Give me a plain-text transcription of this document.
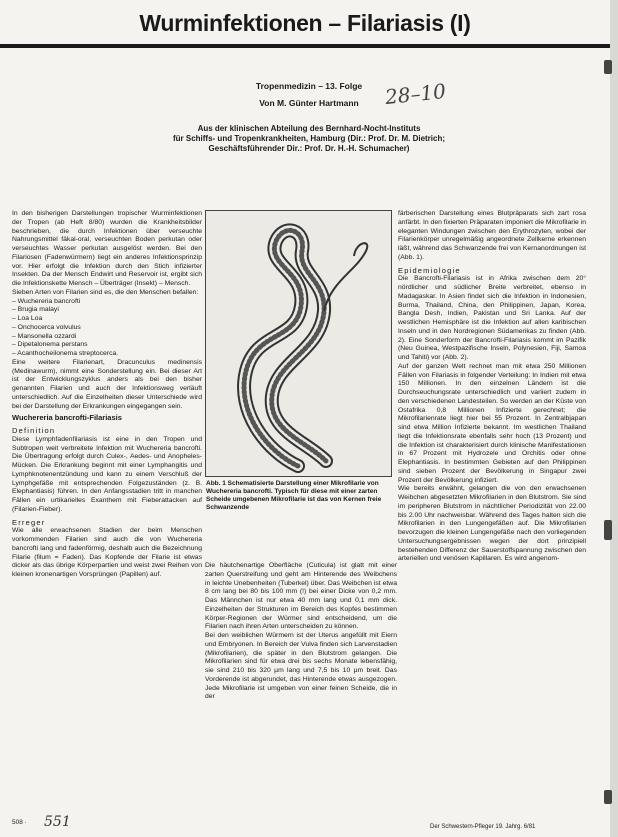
Wurminfektionen – Filariasis (I)
Tropenmedizin – 13. Folge	28–10
Von M. Günter Hartmann
Aus der klinischen Abteilung des Bernhard-Nocht-Instituts
für Schiffs- und Tropenkrankheiten, Hamburg (Dir.: Prof. Dr. M. Dietrich;
Geschäftsführender Dir.: Prof. Dr. H.-H. Schumacher)

In den bisherigen Darstellungen tropischer Wurminfektionen der Tropen (ab Heft 8/80) wurden die Krankheitsbilder beschrieben, die durch Infektionen über verseuchte Nahrungsmittel fäkal-oral, verseuchten Boden perkutan oder verseuchtes Wasser perkutan ausgelöst werden. Bei den Filariosen (Fadenwürmern) liegt ein anderes Infektionsprinzip vor. Hier erfolgt die Infektion durch den Stich infizierter Insekten. Da der Mensch Endwirt und Reservoir ist, ergibt sich die Infektionskette Mensch – Überträger (Insekt) – Mensch.

Sieben Arten von Filarien sind es, die den Menschen befallen:

– Wuchereria bancrofti

– Brugia malayi

– Loa Loa

– Onchocerca volvulus

– Mansonella ozzardi

– Dipetalonema perstans

– Acanthocheilonema streptocerca.

Eine weitere Filarienart, Dracunculus medinensis (Medinawurm), nimmt eine Sonderstellung ein. Bei dieser Art ist der Entwicklungszyklus anders als bei den bisher genannten Filarien und auch der Infektionsweg verläuft unterschiedlich. Auf die Einzelheiten dieser Unterschiede wird bei der Darstellung der Erkrankungen eingegangen sein.

Wuchereria bancrofti-Filariasis

Definition

Diese Lymphfadenfilariasis ist eine in den Tropen und Subtropen weit verbreitete Infektion mit Wuchereria bancrofti. Die Übertragung erfolgt durch Culex-, Aedes- und Anopheles-Mücken. Die Erkrankung beginnt mit einer Lymphangitis und Lymphknotenentzündung und kann zu einem Verschluß der Lymphgefäße mit entsprechenden Folgezuständen (z. B. Elephantiasis) führen. In den Anfangsstadien tritt in manchen Fällen ein urtikarielles Exanthem mit Fieberattacken auf (Filarien-Fieber).

Erreger

Wie alle erwachsenen Stadien der beim Menschen vorkommenden Filarien sind auch die von Wuchereria bancrofti lang und fadenförmig, deshalb auch die Bezeichnung Filarie (filum = Faden). Das Kopfende der Filarie ist etwas dicker als das übrige Körperpartien und weist zwei Reihen von kleinen kronenartigen Vorsprüngen (Papillen) auf.

Abb. 1 Schematisierte Darstellung einer Mikrofilarie von Wuchereria bancrofti. Typisch für diese mit einer zarten Scheide umgebenen Mikrofilarie ist das von Kernen freie Schwanzende

Die häutchenartige Oberfläche (Cuticula) ist glatt mit einer zarten Querstreifung und geht am Hinterende des Weibchens in leichte Unebenheiten (Tuberkel) über. Das Weibchen ist etwa 8 cm lang bei 80 bis 100 mm (!) bei einer Dicke von 0,2 mm. Das Männchen ist nur etwa 40 mm lang und 0,1 mm dick. Einzelheiten der Strukturen im Bereich des Kopfes bestimmen Körper-Regionen der Würmer sind entscheidend, um die Filarien nach ihren Arten unterscheiden zu können.

Bei den weiblichen Würmern ist der Uterus angefüllt mit Eiern und Embryonen. In Bereich der Vulva finden sich Larvenstadien (Mikrofilarien), die später in den Blutstrom gelangen. Die Mikrofilarien sind für etwa drei bis sechs Monate lebensfähig, sie sind 210 bis 320 µm lang und 7,5 bis 10 µm breit. Das Vorderende ist abgerundet, das Hinterende etwas ausgezogen. Jede Mikrofilarie ist umgeben von einer feinen Scheide, die in der

färberischen Darstellung eines Blutpräparats sich zart rosa anfärbt. In den fixierten Präparaten imponiert die Mikrofilarie in eleganten Windungen zwischen den Erythrozyten, wobei der Filarienkörper unregelmäßig angeordnete Zellkerne erkennen läßt, während das Schwanzende frei von Kernanordnungen ist (Abb. 1).

Epidemiologie

Die Bancrofti-Filariasis ist in Afrika zwischen dem 20° nördlicher und südlicher Breite verbreitet, ebenso in Madagaskar. In Asien findet sich die Infektion in Indonesien, Burma, Thailand, China, den Philippinen, Japan, Korea, Bangla Desh, Indien, Pakistan und Sri Lanka. Auf der westlichen Hemisphäre ist die Infektion auf allen karibischen Inseln und in den Nordregionen Südamerikas zu finden (Abb. 2). Eine Sonderform der Bancrofti-Filariasis kommt im Pazifik (Neu Guinea, Westpazifische Inseln, Polynesien, Fiji, Samoa und Tahiti) vor (Abb. 2).

Auf der ganzen Welt rechnet man mit etwa 250 Millionen Fällen von Filariasis in folgender Verteilung: In Indien mit etwa 150 Millionen. In den einzelnen Ländern ist die Durchseuchungsrate unterschiedlich und variiert zudem in den verschiedenen Landesteilen. So werden an der Küste von Ostafrika 0,8 Millionen Infizierte gerechnet; die Mikrofilarienrate liegt hier bei 55 Prozent. In Zentralbjapan sind etwa Million Infizierte bekannt. Im westlichen Thailand liegt die Infektionsrate ebenfalls sehr hoch (13 Prozent) und die Infektion ist charakterisiert durch klinische Manifestationen in 67 Prozent mit Hydrozele und Orchitis oder ohne Elephantiasis. In bestimmten Gebieten auf den Philippinen sind sieben Prozent der Bevölkerung in Singapur zwei Prozent der Bevölkerung infiziert.

Wie bereits erwähnt, gelangen die von den erwachsenen Weibchen abgesetzten Mikrofilarien in den Blutstrom. Sie sind im peripheren Blutstrom in nächtlicher Periodizität von 22.00 bis 2.00 Uhr nachweisbar. Während des Tages halten sich die Mikrofilarien in den Lungengefäßen auf. Die Mikrofilarien bevorzugen die kleinen Lungengefäße nach den vorliegenden Untersuchungsergebnissen wegen der dort prinzipiell bestehenden Differenz der Sauerstoffspannung zwischen den arteriellen und venösen Kapillaren. Es wird angenom-

508 · 551	Der Schwestern-Pfleger 19. Jahrg. 6/81
